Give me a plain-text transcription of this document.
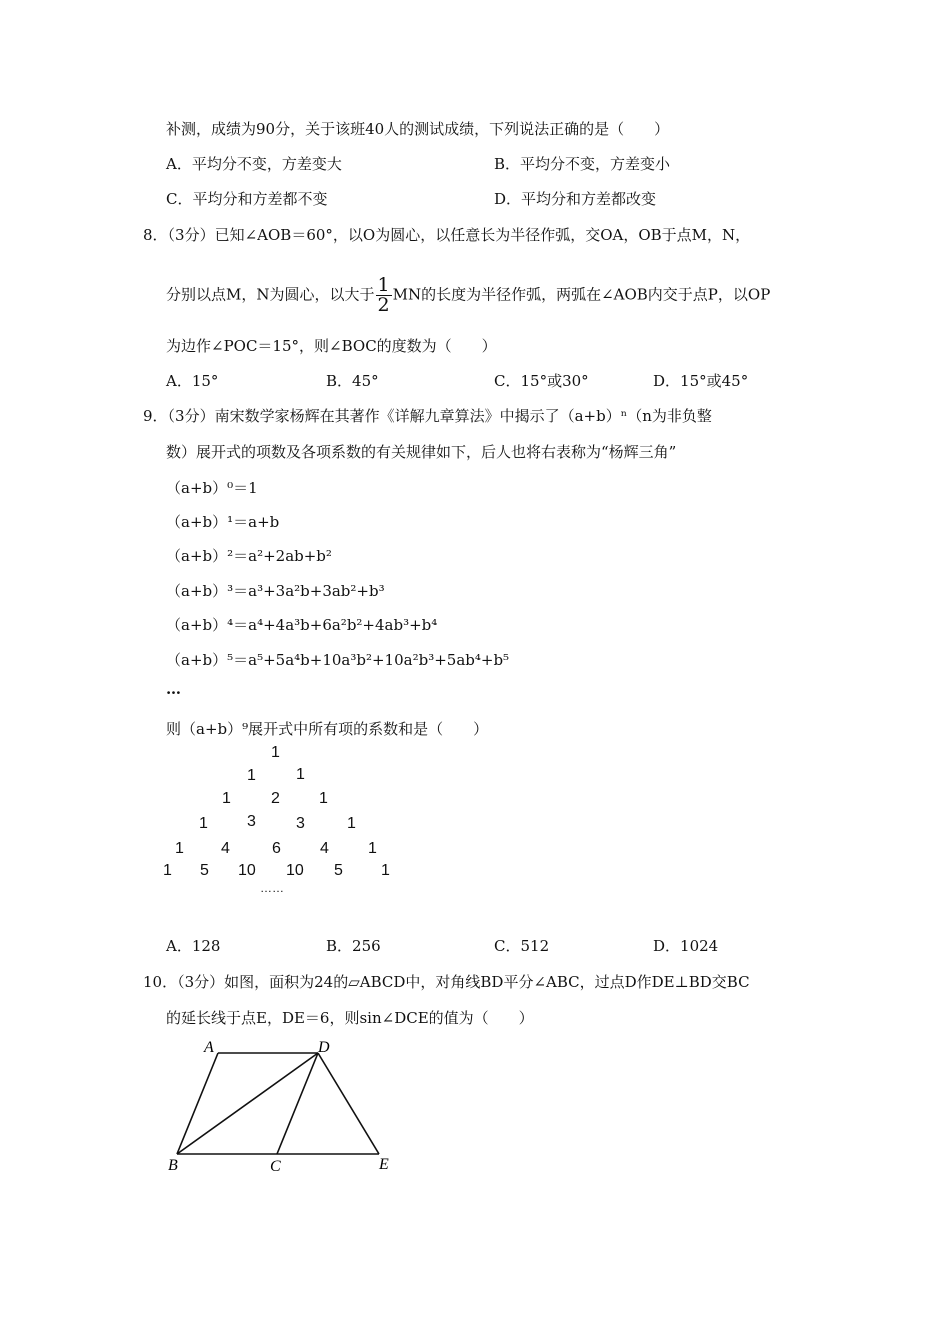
补测，成绩为90分，关于该班40人的测试成绩，下列说法正确的是（　　）
A．平均分不变，方差变大	B．平均分不变，方差变小
C．平均分和方差都不变	D．平均分和方差都改变
8．（3分）已知∠AOB＝60°，以O为圆心，以任意长为半径作弧，交OA，OB于点M，N，
分别以点M，N为圆心，以大于 $\frac{1}{2}$ MN的长度为半径作弧，两弧在∠AOB内交于点P，以OP
为边作∠POC＝15°，则∠BOC的度数为（　　）
A．15°	B．45°	C．15°或30°	D．15°或45°
9．（3分）南宋数学家杨辉在其著作《详解九章算法》中揭示了（a+b）ⁿ（n为非负整
数）展开式的项数及各项系数的有关规律如下，后人也将右表称为“杨辉三角”
（a+b）⁰＝1
（a+b）¹＝a+b
（a+b）²＝a²+2ab+b²
（a+b）³＝a³+3a²b+3ab²+b³
（a+b）⁴＝a⁴+4a³b+6a²b²+4ab³+b⁴
（a+b）⁵＝a⁵+5a⁴b+10a³b²+10a²b³+5ab⁴+b⁵
…
则（a+b）⁹展开式中所有项的系数和是（　　）
1
1	1
1	2 1
1 3	3	1
1 4	6 4 1
1 5 10 10 5 1
……
A．128	B．256	C．512	D．1024
10．（3分）如图，面积为24的▱ABCD中，对角线BD平分∠ABC，过点D作DE⊥BD交BC
的延长线于点E，DE＝6，则sin∠DCE的值为（　　）
A	D
B	C	E
